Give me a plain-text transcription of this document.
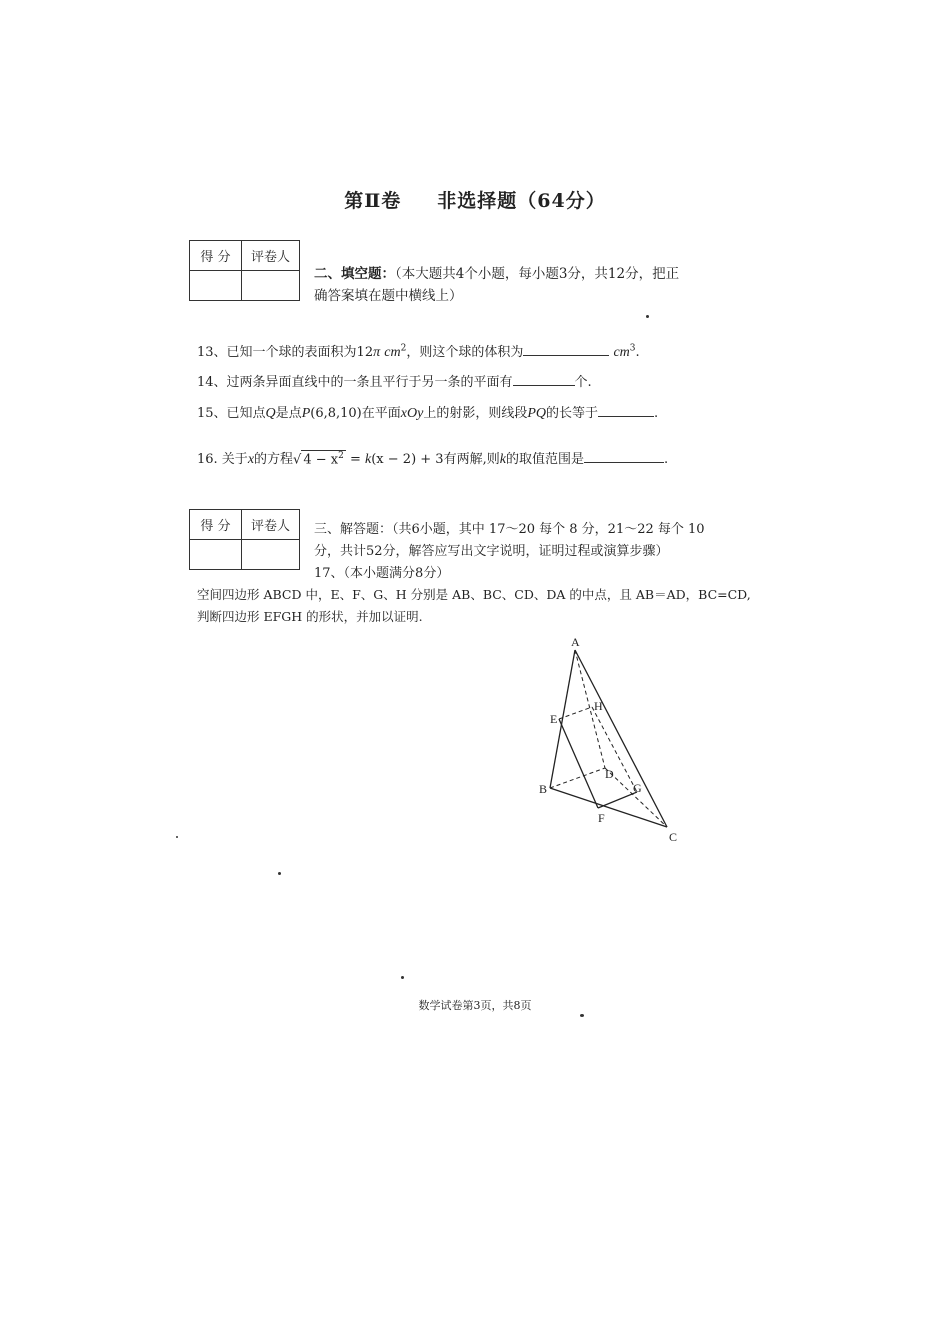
第Ⅱ卷 非选择题（64分）
得 分	评卷人

二、填空题：（本大题共4个小题，每小题3分，共12分，把正
确答案填在题中横线上）
13、已知一个球的表面积为12π $cm^2$，则这个球的体积为	$cm^3$.
14、过两条异面直线中的一条且平行于另一条的平面有	个.
15、已知点Q是点P(6,8,10)在平面xOy上的射影，则线段PQ的长等于	.
16. 关于x的方程√ $4 - x^2 = k(x - 2) + 3$有两解,则k的取值范围是	.
得 分	评卷人
	三、解答题：（共6小题，其中 17～20 每个 8 分，21～22 每个 10
分，共计52分，解答应写出文字说明，证明过程或演算步骤）
17、（本小题满分8分）
空间四边形 ABCD 中，E、F、G、H 分别是 AB、BC、CD、DA 的中点，且 AB＝AD，BC=CD,
判断四边形 EFGH 的形状，并加以证明.
A
B
C
D
E
F
G
H
数学试卷第3页，共8页
